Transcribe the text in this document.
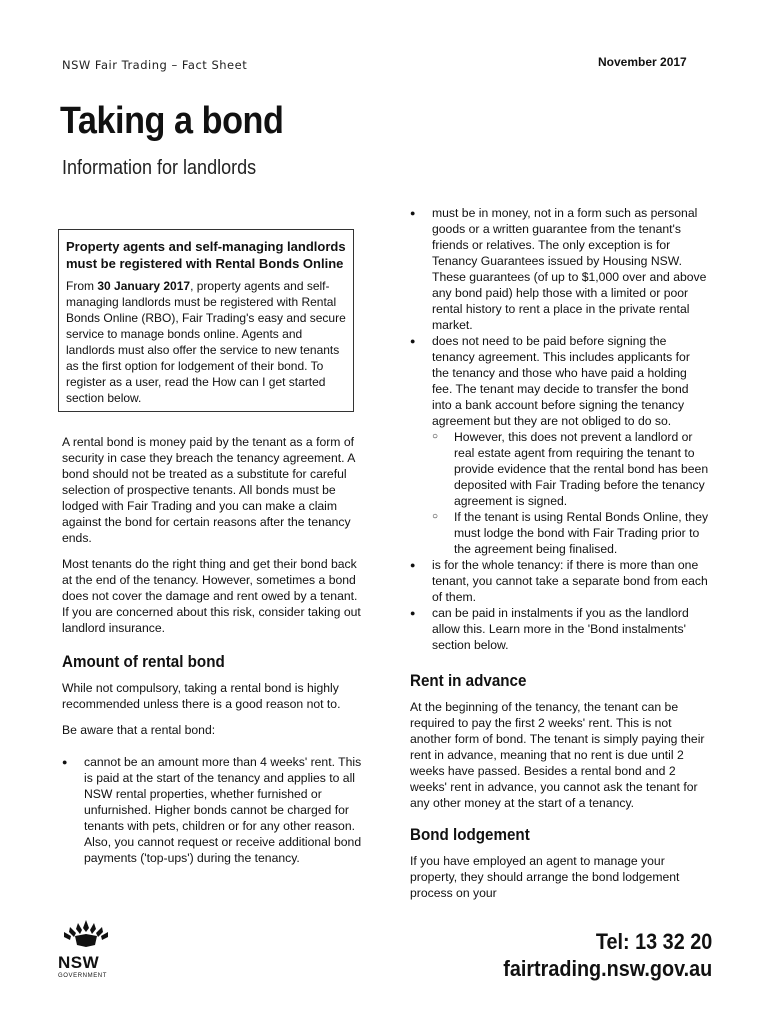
NSW Fair Trading – Fact Sheet	November 2017
Taking a bond
Information for landlords

Property agents and self-managing landlords must be registered with Rental Bonds Online

From 30 January 2017, property agents and self-managing landlords must be registered with Rental Bonds Online (RBO), Fair Trading's easy and secure service to manage bonds online. Agents and landlords must also offer the service to new tenants as the first option for lodgement of their bond. To register as a user, read the How can I get started section below.

A rental bond is money paid by the tenant as a form of security in case they breach the tenancy agreement. A bond should not be treated as a substitute for careful selection of prospective tenants. All bonds must be lodged with Fair Trading and you can make a claim against the bond for certain reasons after the tenancy ends.

Most tenants do the right thing and get their bond back at the end of the tenancy. However, sometimes a bond does not cover the damage and rent owed by a tenant. If you are concerned about this risk, consider taking out landlord insurance.

Amount of rental bond

While not compulsory, taking a rental bond is highly recommended unless there is a good reason not to.

Be aware that a rental bond:

● cannot be an amount more than 4 weeks' rent. This is paid at the start of the tenancy and applies to all NSW rental properties, whether furnished or unfurnished. Higher bonds cannot be charged for tenants with pets, children or for any other reason. Also, you cannot request or receive additional bond payments ('top-ups') during the tenancy.
● must be in money, not in a form such as personal goods or a written guarantee from the tenant's friends or relatives. The only exception is for Tenancy Guarantees issued by Housing NSW. These guarantees (of up to $1,000 over and above any bond paid) help those with a limited or poor rental history to rent a place in the private rental market.
● does not need to be paid before signing the tenancy agreement. This includes applicants for the tenancy and those who have paid a holding fee. The tenant may decide to transfer the bond into a bank account before signing the tenancy agreement but they are not obliged to do so.
○ However, this does not prevent a landlord or real estate agent from requiring the tenant to provide evidence that the rental bond has been deposited with Fair Trading before the tenancy agreement is signed.
○ If the tenant is using Rental Bonds Online, they must lodge the bond with Fair Trading prior to the agreement being finalised.
● is for the whole tenancy: if there is more than one tenant, you cannot take a separate bond from each of them.
● can be paid in instalments if you as the landlord allow this. Learn more in the 'Bond instalments' section below.
Rent in advance

At the beginning of the tenancy, the tenant can be required to pay the first 2 weeks' rent. This is not another form of bond. The tenant is simply paying their rent in advance, meaning that no rent is due until 2 weeks have passed. Besides a rental bond and 2 weeks' rent in advance, you cannot ask the tenant for any other money at the start of a tenancy.

Bond lodgement

If you have employed an agent to manage your property, they should arrange the bond lodgement process on your

NSW
GOVERNMENT
Tel: 13 32 20
fairtrading.nsw.gov.au
